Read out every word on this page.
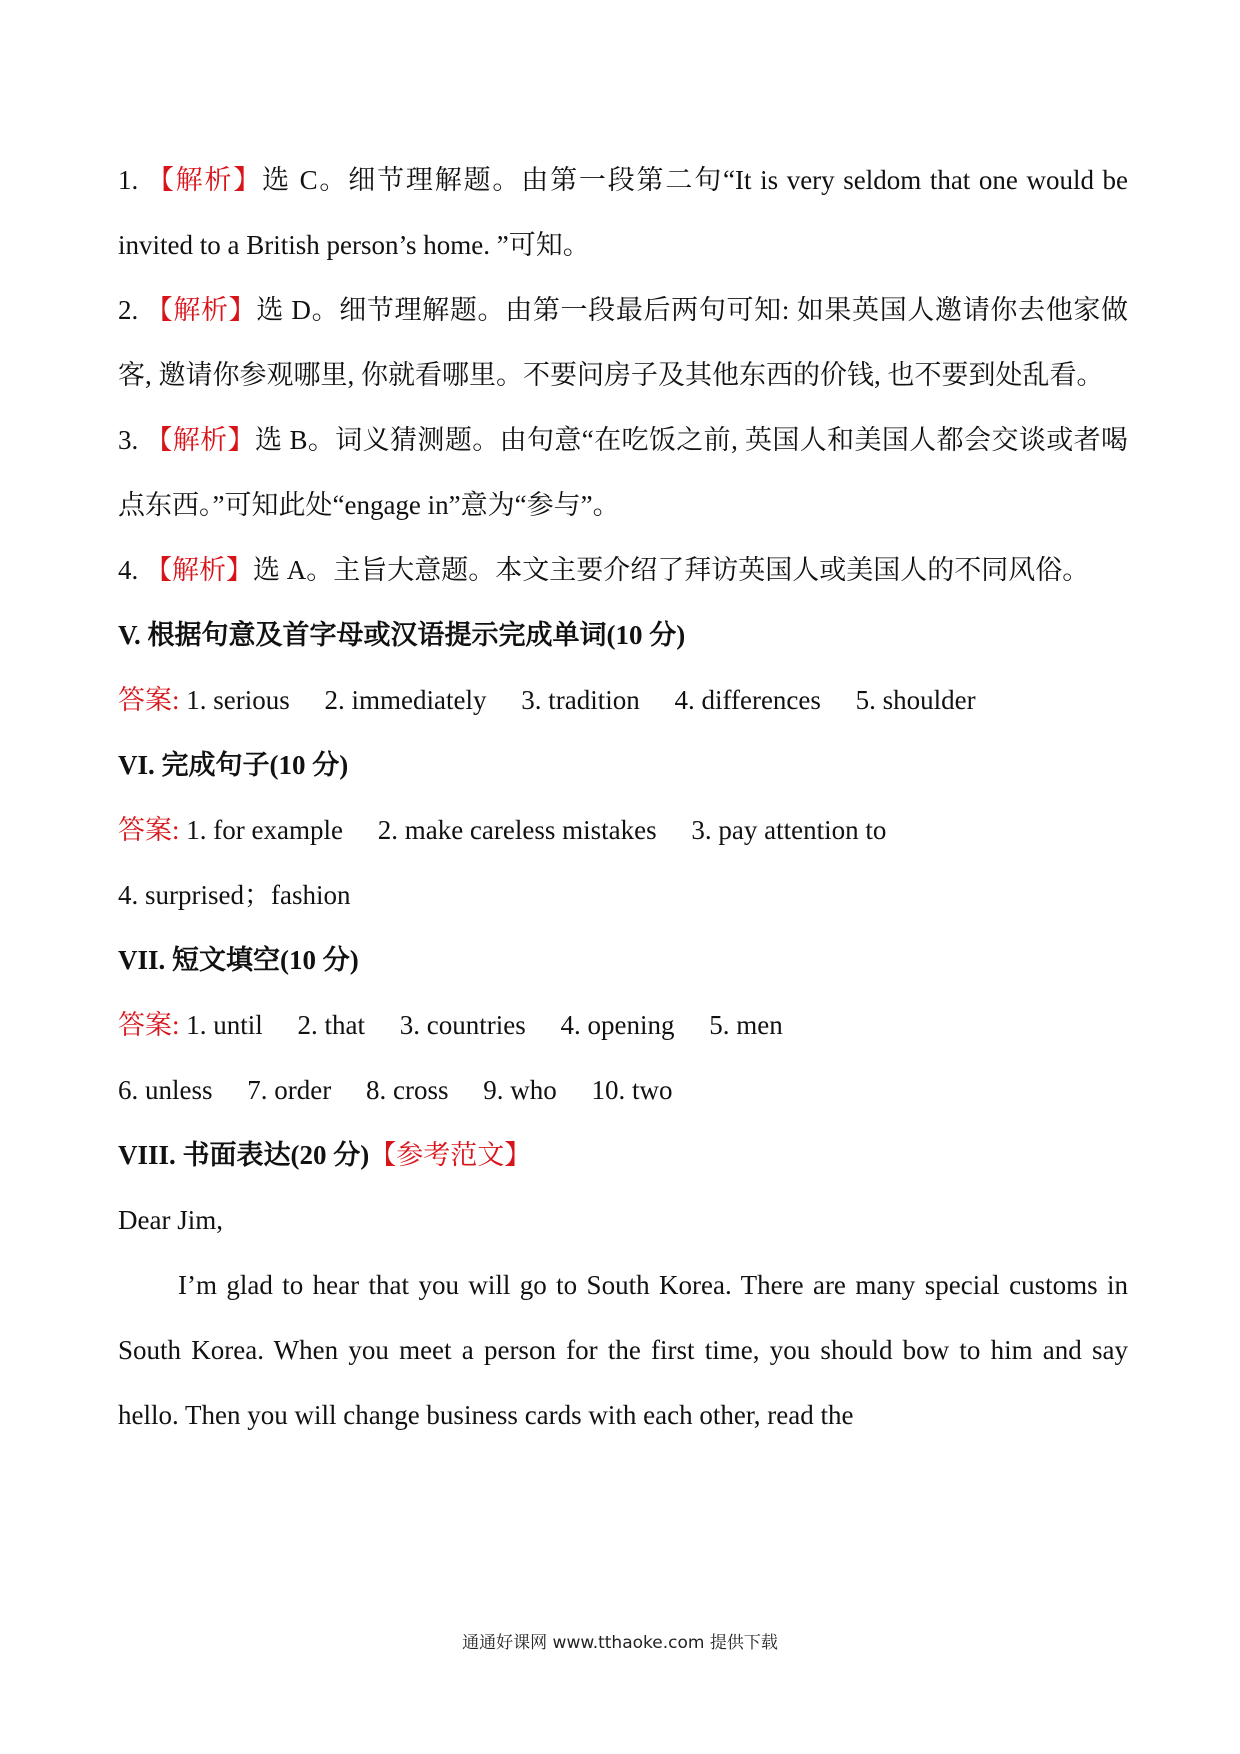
1. 【解析】选 C。细节理解题。由第一段第二句“It is very seldom that one would be invited to a British person’s home. ”可知。

2. 【解析】选 D。细节理解题。由第一段最后两句可知: 如果英国人邀请你去他家做客, 邀请你参观哪里, 你就看哪里。不要问房子及其他东西的价钱, 也不要到处乱看。

3. 【解析】选 B。词义猜测题。由句意“在吃饭之前, 英国人和美国人都会交谈或者喝点东西。”可知此处“engage in”意为“参与”。

4. 【解析】选 A。主旨大意题。本文主要介绍了拜访英国人或美国人的不同风俗。

V. 根据句意及首字母或汉语提示完成单词(10 分)

答案: 1. serious 2. immediately 3. tradition 4. differences 5. shoulder

VI. 完成句子(10 分)

答案: 1. for example 2. make careless mistakes 3. pay attention to

4. surprised；fashion

VII. 短文填空(10 分)

答案: 1. until 2. that 3. countries 4. opening 5. men

6. unless 7. order 8. cross 9. who 10. two

VIII. 书面表达(20 分)【参考范文】

Dear Jim,

I’m glad to hear that you will go to South Korea. There are many special customs in South Korea. When you meet a person for the first time, you should bow to him and say hello. Then you will change business cards with each other, read the

通通好课网 www.tthaoke.com 提供下载
